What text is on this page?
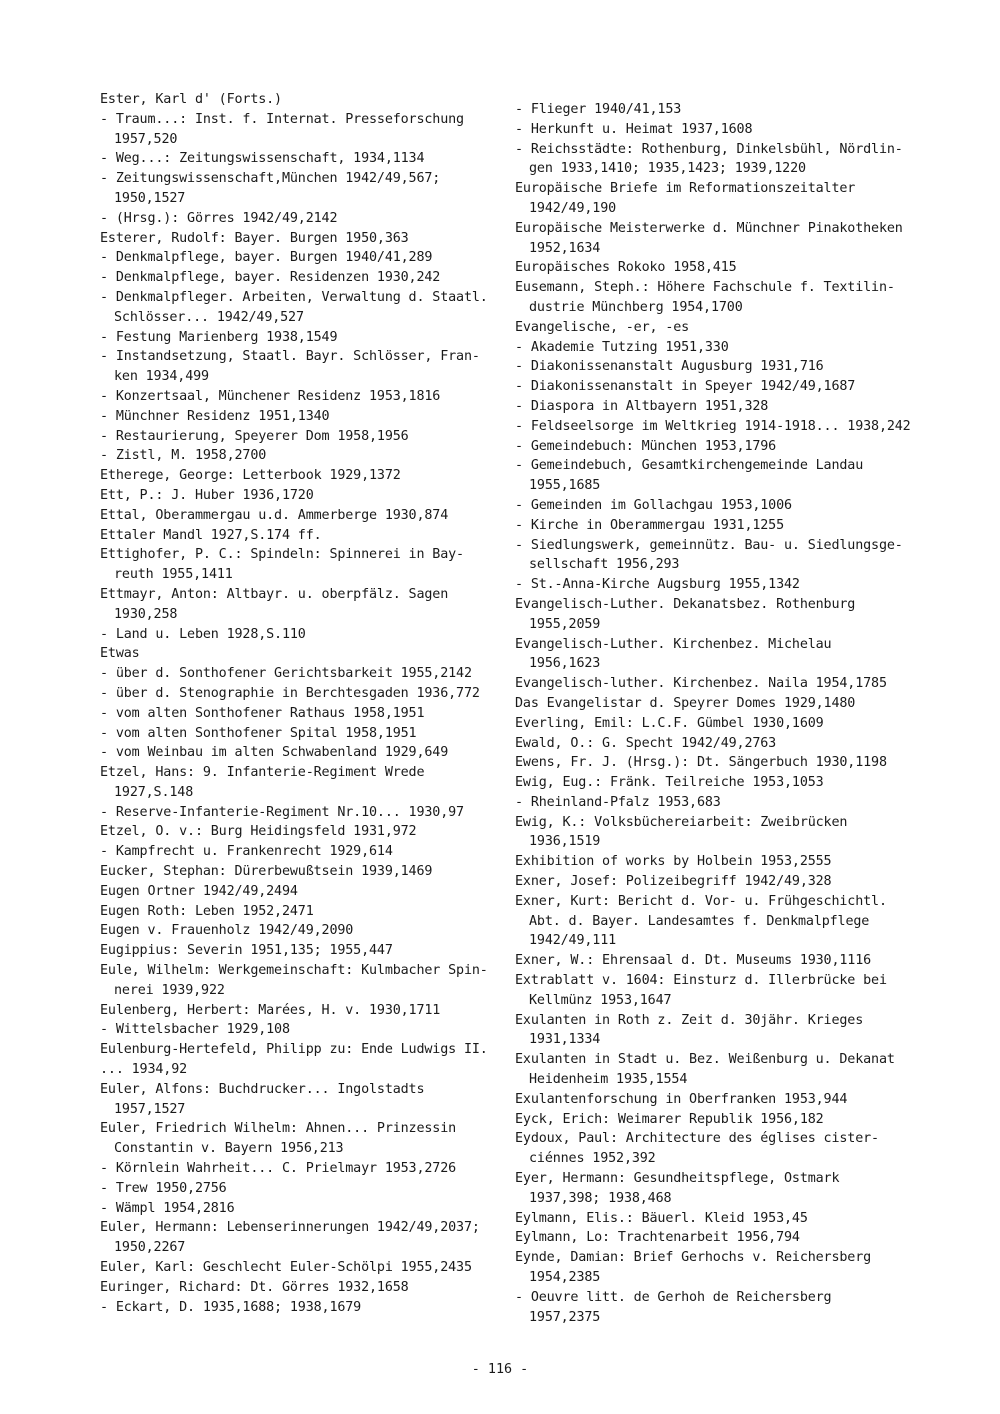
Ester, Karl d' (Forts.)
- Traum...: Inst. f. Internat. Presseforschung
1957,520
- Weg...: Zeitungswissenschaft, 1934,1134
- Zeitungswissenschaft,München 1942/49,567;
1950,1527
- (Hrsg.): Görres 1942/49,2142
Esterer, Rudolf: Bayer. Burgen 1950,363
- Denkmalpflege, bayer. Burgen 1940/41,289
- Denkmalpflege, bayer. Residenzen 1930,242
- Denkmalpfleger. Arbeiten, Verwaltung d. Staatl.
Schlösser... 1942/49,527
- Festung Marienberg 1938,1549
- Instandsetzung, Staatl. Bayr. Schlösser, Fran-
ken 1934,499
- Konzertsaal, Münchener Residenz 1953,1816
- Münchner Residenz 1951,1340
- Restaurierung, Speyerer Dom 1958,1956
- Zistl, M. 1958,2700
Etherege, George: Letterbook 1929,1372
Ett, P.: J. Huber 1936,1720
Ettal, Oberammergau u.d. Ammerberge 1930,874
Ettaler Mandl 1927,S.174 ff.
Ettighofer, P. C.: Spindeln: Spinnerei in Bay-
reuth 1955,1411
Ettmayr, Anton: Altbayr. u. oberpfälz. Sagen
1930,258
- Land u. Leben 1928,S.110
Etwas
- über d. Sonthofener Gerichtsbarkeit 1955,2142
- über d. Stenographie in Berchtesgaden 1936,772
- vom alten Sonthofener Rathaus 1958,1951
- vom alten Sonthofener Spital 1958,1951
- vom Weinbau im alten Schwabenland 1929,649
Etzel, Hans: 9. Infanterie-Regiment Wrede
1927,S.148
- Reserve-Infanterie-Regiment Nr.10... 1930,97
Etzel, O. v.: Burg Heidingsfeld 1931,972
- Kampfrecht u. Frankenrecht 1929,614
Eucker, Stephan: Dürerbewußtsein 1939,1469
Eugen Ortner 1942/49,2494
Eugen Roth: Leben 1952,2471
Eugen v. Frauenholz 1942/49,2090
Eugippius: Severin 1951,135; 1955,447
Eule, Wilhelm: Werkgemeinschaft: Kulmbacher Spin-
nerei 1939,922
Eulenberg, Herbert: Marées, H. v. 1930,1711
- Wittelsbacher 1929,108
Eulenburg-Hertefeld, Philipp zu: Ende Ludwigs II.
... 1934,92
Euler, Alfons: Buchdrucker... Ingolstadts
1957,1527
Euler, Friedrich Wilhelm: Ahnen... Prinzessin
Constantin v. Bayern 1956,213
- Körnlein Wahrheit... C. Prielmayr 1953,2726
- Trew 1950,2756
- Wämpl 1954,2816
Euler, Hermann: Lebenserinnerungen 1942/49,2037;
1950,2267
Euler, Karl: Geschlecht Euler-Schölpi 1955,2435
Euringer, Richard: Dt. Görres 1932,1658
- Eckart, D. 1935,1688; 1938,1679
- Flieger 1940/41,153
- Herkunft u. Heimat 1937,1608
- Reichsstädte: Rothenburg, Dinkelsbühl, Nördlin-
gen 1933,1410; 1935,1423; 1939,1220
Europäische Briefe im Reformationszeitalter
1942/49,190
Europäische Meisterwerke d. Münchner Pinakotheken
1952,1634
Europäisches Rokoko 1958,415
Eusemann, Steph.: Höhere Fachschule f. Textilin-
dustrie Münchberg 1954,1700
Evangelische, -er, -es
- Akademie Tutzing 1951,330
- Diakonissenanstalt Augusburg 1931,716
- Diakonissenanstalt in Speyer 1942/49,1687
- Diaspora in Altbayern 1951,328
- Feldseelsorge im Weltkrieg 1914-1918... 1938,242
- Gemeindebuch: München 1953,1796
- Gemeindebuch, Gesamtkirchengemeinde Landau
1955,1685
- Gemeinden im Gollachgau 1953,1006
- Kirche in Oberammergau 1931,1255
- Siedlungswerk, gemeinnütz. Bau- u. Siedlungsge-
sellschaft 1956,293
- St.-Anna-Kirche Augsburg 1955,1342
Evangelisch-Luther. Dekanatsbez. Rothenburg
1955,2059
Evangelisch-Luther. Kirchenbez. Michelau
1956,1623
Evangelisch-luther. Kirchenbez. Naila 1954,1785
Das Evangelistar d. Speyrer Domes 1929,1480
Everling, Emil: L.C.F. Gümbel 1930,1609
Ewald, O.: G. Specht 1942/49,2763
Ewens, Fr. J. (Hrsg.): Dt. Sängerbuch 1930,1198
Ewig, Eug.: Fränk. Teilreiche 1953,1053
- Rheinland-Pfalz 1953,683
Ewig, K.: Volksbüchereiarbeit: Zweibrücken
1936,1519
Exhibition of works by Holbein 1953,2555
Exner, Josef: Polizeibegriff 1942/49,328
Exner, Kurt: Bericht d. Vor- u. Frühgeschichtl.
Abt. d. Bayer. Landesamtes f. Denkmalpflege
1942/49,111
Exner, W.: Ehrensaal d. Dt. Museums 1930,1116
Extrablatt v. 1604: Einsturz d. Illerbrücke bei
Kellmünz 1953,1647
Exulanten in Roth z. Zeit d. 30jähr. Krieges
1931,1334
Exulanten in Stadt u. Bez. Weißenburg u. Dekanat
Heidenheim 1935,1554
Exulantenforschung in Oberfranken 1953,944
Eyck, Erich: Weimarer Republik 1956,182
Eydoux, Paul: Architecture des églises cister-
ciénnes 1952,392
Eyer, Hermann: Gesundheitspflege, Ostmark
1937,398; 1938,468
Eylmann, Elis.: Bäuerl. Kleid 1953,45
Eylmann, Lo: Trachtenarbeit 1956,794
Eynde, Damian: Brief Gerhochs v. Reichersberg
1954,2385
- Oeuvre litt. de Gerhoh de Reichersberg
1957,2375
- 116 -
